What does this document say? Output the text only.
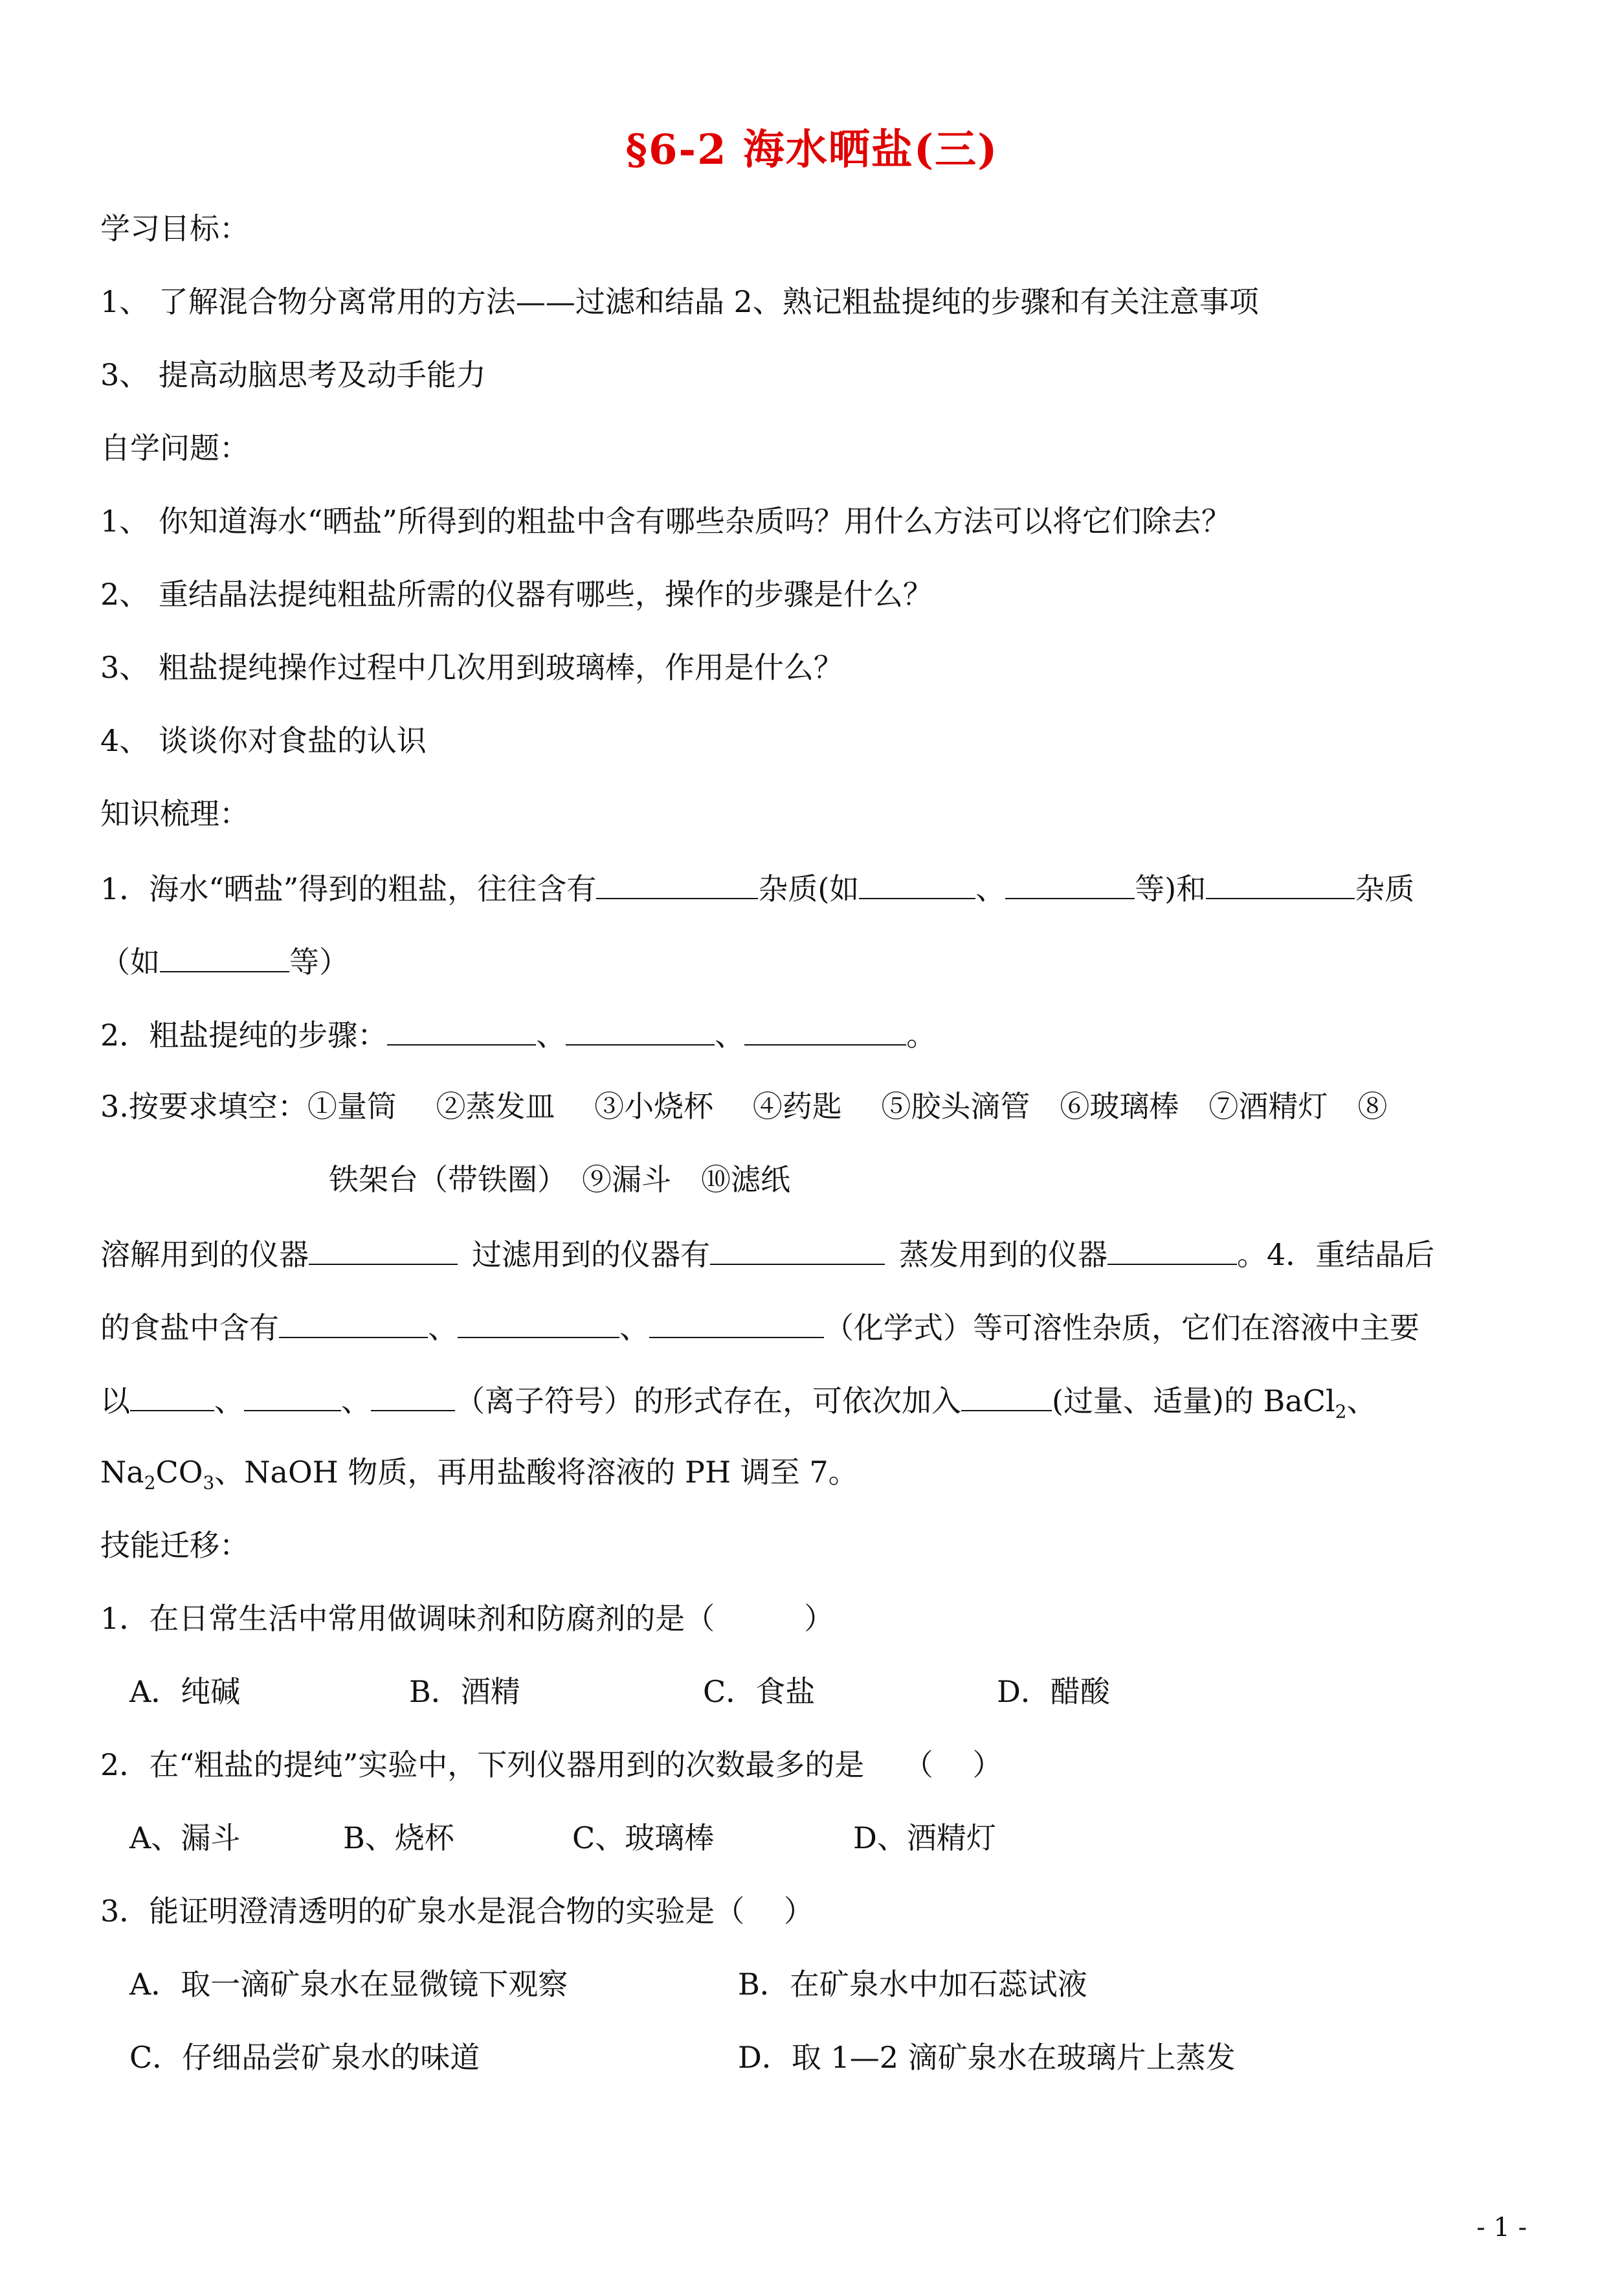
§6-2 海水晒盐(三)
学习目标：
1、 了解混合物分离常用的方法——过滤和结晶 2、熟记粗盐提纯的步骤和有关注意事项
3、 提高动脑思考及动手能力
自学问题：
1、 你知道海水“晒盐”所得到的粗盐中含有哪些杂质吗？用什么方法可以将它们除去？
2、 重结晶法提纯粗盐所需的仪器有哪些，操作的步骤是什么？
3、 粗盐提纯操作过程中几次用到玻璃棒，作用是什么？
4、 谈谈你对食盐的认识
知识梳理：
1．海水“晒盐”得到的粗盐，往往含有	杂质(如	、	等)和	杂质
（如	等）
2．粗盐提纯的步骤：	、	、	。
3.按要求填空：①量筒　 ②蒸发皿　 ③小烧杯　 ④药匙　 ⑤胶头滴管　⑥玻璃棒　⑦酒精灯　⑧
铁架台（带铁圈）　⑨漏斗　⑩滤纸
溶解用到的仪器	过滤用到的仪器有	蒸发用到的仪器	。4．重结晶后
的食盐中含有	、	、	（化学式）等可溶性杂质，它们在溶液中主要
以	、	、	（离子符号）的形式存在，可依次加入	(过量、适量)的 BaCl$_2$、
$Na_2CO_3$、NaOH 物质，再用盐酸将溶液的 PH 调至 7。
技能迁移：
1．在日常生活中常用做调味剂和防腐剂的是（　　　）
A．纯碱	B．酒精	C．食盐	D．醋酸
2．在“粗盐的提纯”实验中，下列仪器用到的次数最多的是　 （　 ）
A、漏斗	B、烧杯	C、玻璃棒	D、酒精灯
3．能证明澄清透明的矿泉水是混合物的实验是（　 ）
A．取一滴矿泉水在显微镜下观察	B．在矿泉水中加石蕊试液
C．仔细品尝矿泉水的味道	D．取 1—2 滴矿泉水在玻璃片上蒸发
- 1 -
